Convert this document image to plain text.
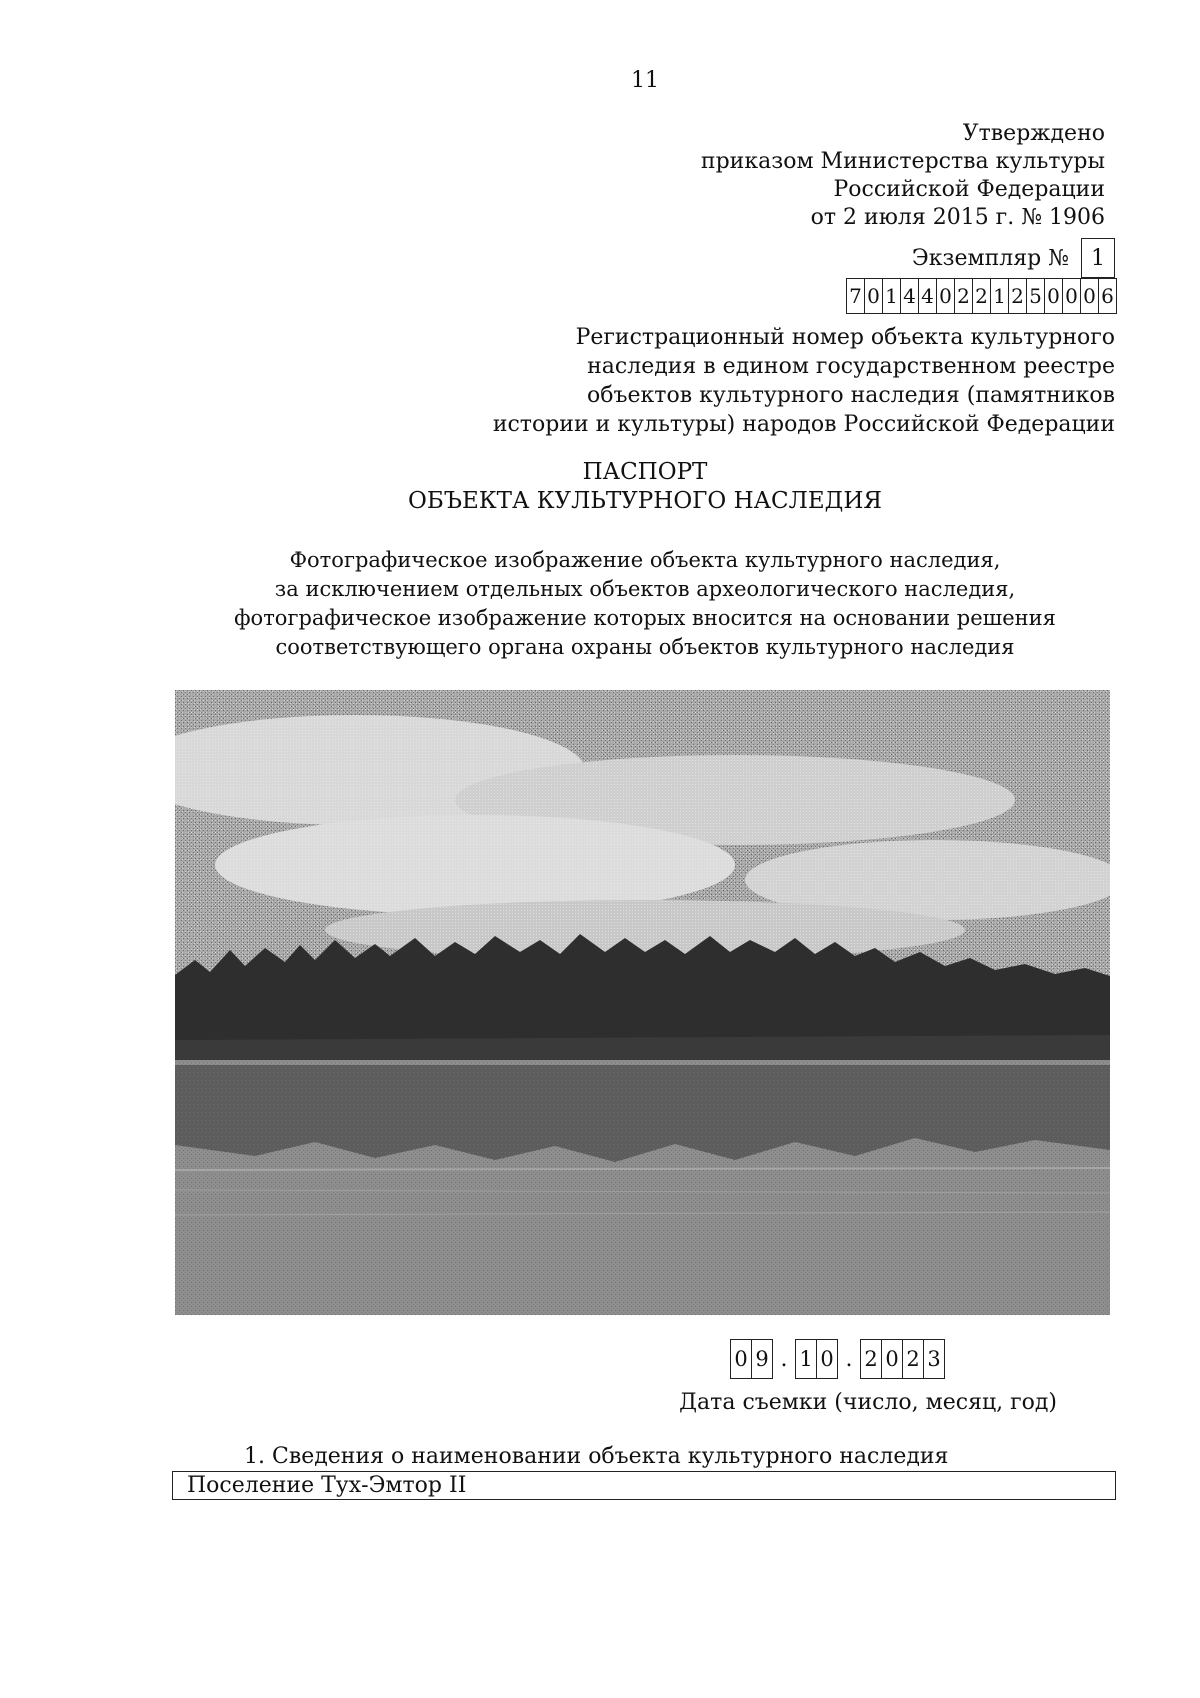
11
Утверждено
приказом Министерства культуры
Российской Федерации
от 2 июля 2015 г. № 1906
Экземпляр №	1
7 0 1 4 4 0 2 2 1 2 5 0 0 0 6
Регистрационный номер объекта культурного
наследия в едином государственном реестре
объектов культурного наследия (памятников
истории и культуры) народов Российской Федерации
ПАСПОРТ
ОБЪЕКТА КУЛЬТУРНОГО НАСЛЕДИЯ
Фотографическое изображение объекта культурного наследия,
за исключением отдельных объектов археологического наследия,
фотографическое изображение которых вносится на основании решения
соответствующего органа охраны объектов культурного наследия
0 9 . 1 0 . 2 0 2 3
Дата съемки (число, месяц, год)
1. Сведения о наименовании объекта культурного наследия
Поселение Тух-Эмтор II
